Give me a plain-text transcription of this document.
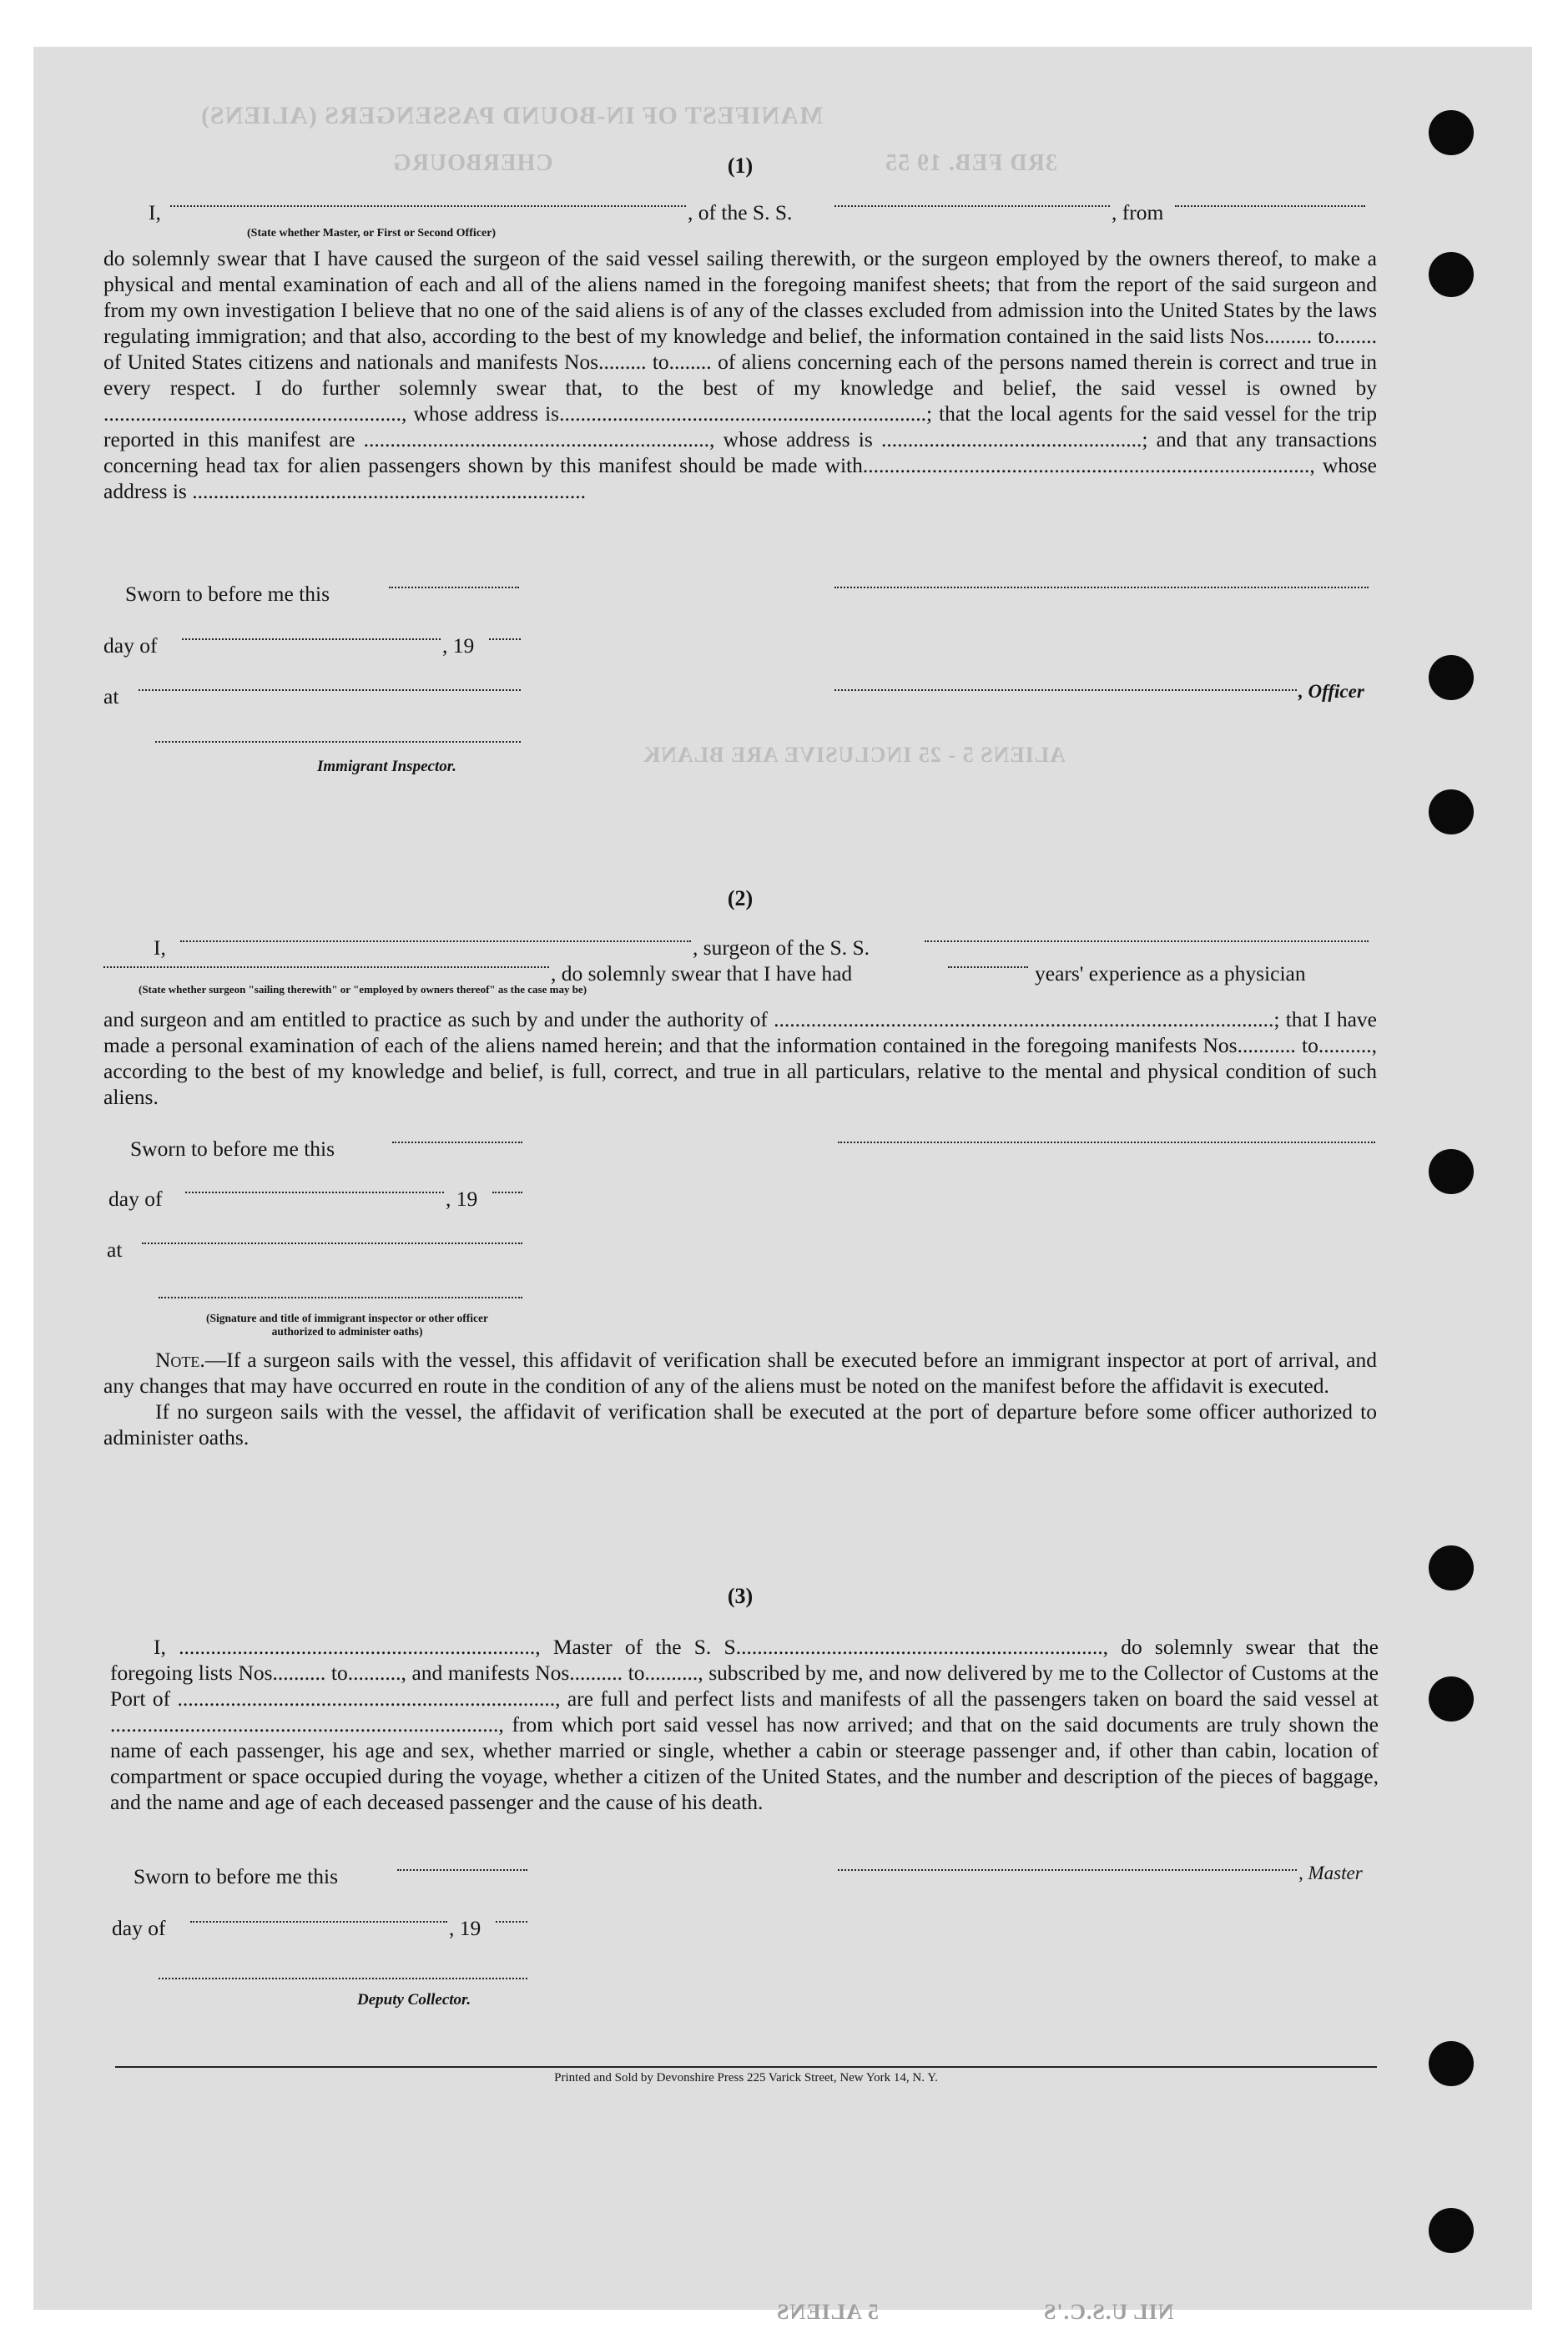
MANIFEST OF IN-BOUND PASSENGERS (ALIENS)
CHERBOURG	3RD FEB. 19 55
ALIENS 5 - 25 INCLUSIVE ARE BLANK
5 ALIENS	NIL U.S.C.'S
(1)
I,	, of the S. S.	, from
(State whether Master, or First or Second Officer)

do solemnly swear that I have caused the surgeon of the said vessel sailing therewith, or the surgeon employed by the owners thereof, to make a physical and mental examination of each and all of the aliens named in the foregoing manifest sheets; that from the report of the said surgeon and from my own investigation I believe that no one of the said aliens is of any of the classes excluded from admission into the United States by the laws regulating immigration; and that also, according to the best of my knowledge and belief, the information contained in the said lists Nos......... to........ of United States citizens and nationals and manifests Nos......... to........ of aliens concerning each of the persons named therein is correct and true in every respect. I do further solemnly swear that, to the best of my knowledge and belief, the said vessel is owned by ........................................................, whose address is.....................................................................; that the local agents for the said vessel for the trip reported in this manifest are ................................................................., whose address is .................................................; and that any transactions concerning head tax for alien passengers shown by this manifest should be made with...................................................................................., whose address is ..........................................................................

Sworn to before me this
day of	, 19
at
Immigrant Inspector.
, Officer
(2)
I,	, surgeon of the S. S.
, do solemnly swear that I have had	years' experience as a physician
(State whether surgeon "sailing therewith" or "employed by owners thereof" as the case may be)

and surgeon and am entitled to practice as such by and under the authority of ..............................................................................................; that I have made a personal examination of each of the aliens named herein; and that the information contained in the foregoing manifests Nos........... to.........., according to the best of my knowledge and belief, is full, correct, and true in all particulars, relative to the mental and physical condition of such aliens.

Sworn to before me this
day of	, 19
at
(Signature and title of immigrant inspector or other officer authorized to administer oaths)

Note.—If a surgeon sails with the vessel, this affidavit of verification shall be executed before an immigrant inspector at port of arrival, and any changes that may have occurred en route in the condition of any of the aliens must be noted on the manifest before the affidavit is executed.

If no surgeon sails with the vessel, the affidavit of verification shall be executed at the port of departure before some officer authorized to administer oaths.

(3)

I, ..................................................................., Master of the S. S....................................................................., do solemnly swear that the foregoing lists Nos.......... to.........., and manifests Nos.......... to.........., subscribed by me, and now delivered by me to the Collector of Customs at the Port of ......................................................................., are full and perfect lists and manifests of all the passengers taken on board the said vessel at ........................................................................., from which port said vessel has now arrived; and that on the said documents are truly shown the name of each passenger, his age and sex, whether married or single, whether a cabin or steerage passenger and, if other than cabin, location of compartment or space occupied during the voyage, whether a citizen of the United States, and the number and description of the pieces of baggage, and the name and age of each deceased passenger and the cause of his death.

Sworn to before me this
day of	, 19
Deputy Collector.
, Master
Printed and Sold by Devonshire Press 225 Varick Street, New York 14, N. Y.
